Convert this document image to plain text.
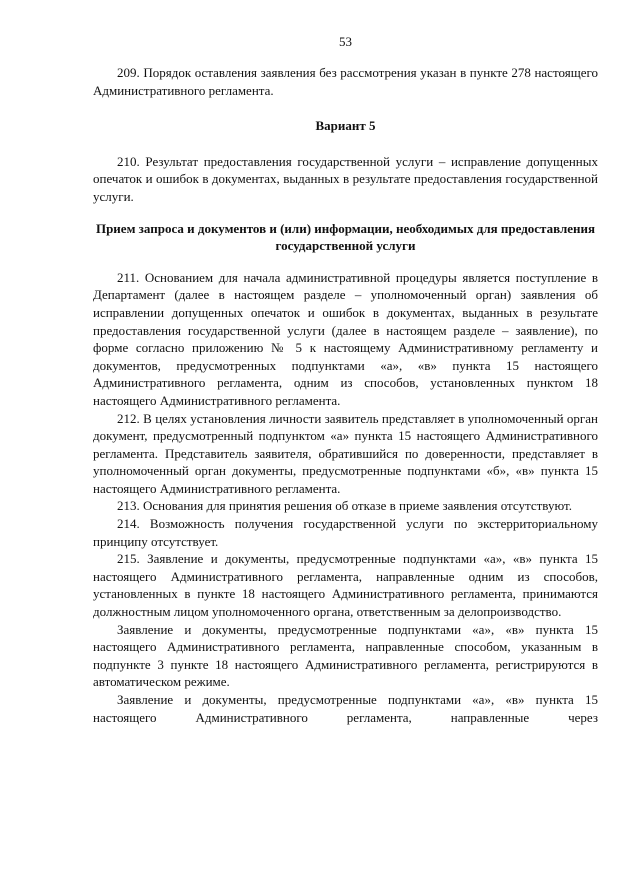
53

209. Порядок оставления заявления без рассмотрения указан в пункте 278 настоящего Административного регламента.

Вариант 5

210. Результат предоставления государственной услуги – исправление допущенных опечаток и ошибок в документах, выданных в результате предоставления государственной услуги.

Прием запроса и документов и (или) информации, необходимых для предоставления государственной услуги

211. Основанием для начала административной процедуры является поступление в Департамент (далее в настоящем разделе – уполномоченный орган) заявления об исправлении допущенных опечаток и ошибок в документах, выданных в результате предоставления государственной услуги (далее в настоящем разделе – заявление), по форме согласно приложению № 5 к настоящему Административному регламенту и документов, предусмотренных подпунктами «а», «в» пункта 15 настоящего Административного регламента, одним из способов, установленных пунктом 18 настоящего Административного регламента.

212. В целях установления личности заявитель представляет в уполномоченный орган документ, предусмотренный подпунктом «а» пункта 15 настоящего Административного регламента. Представитель заявителя, обратившийся по доверенности, представляет в уполномоченный орган документы, предусмотренные подпунктами «б», «в» пункта 15 настоящего Административного регламента.

213. Основания для принятия решения об отказе в приеме заявления отсутствуют.

214. Возможность получения государственной услуги по экстерриториальному принципу отсутствует.

215. Заявление и документы, предусмотренные подпунктами «а», «в» пункта 15 настоящего Административного регламента, направленные одним из способов, установленных в пункте 18 настоящего Административного регламента, принимаются должностным лицом уполномоченного органа, ответственным за делопроизводство.

Заявление и документы, предусмотренные подпунктами «а», «в» пункта 15 настоящего Административного регламента, направленные способом, указанным в подпункте 3 пункте 18 настоящего Административного регламента, регистрируются в автоматическом режиме.

Заявление и документы, предусмотренные подпунктами «а», «в» пункта 15 настоящего Административного регламента, направленные через
